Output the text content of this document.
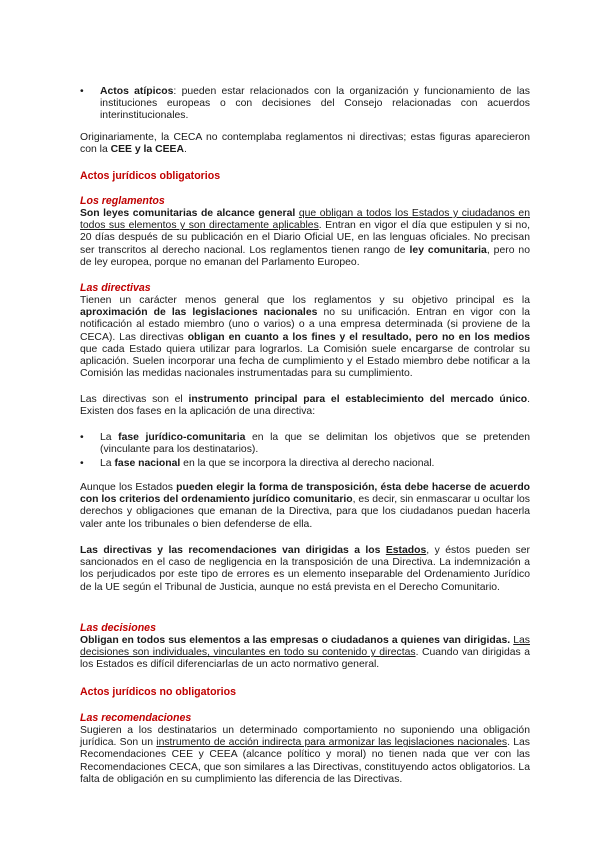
•	Actos atípicos: pueden estar relacionados con la organización y funcionamiento de las instituciones europeas o con decisiones del Consejo relacionadas con acuerdos interinstitucionales.

Originariamente, la CECA no contemplaba reglamentos ni directivas; estas figuras aparecieron con la CEE y la CEEA.

Actos jurídicos obligatorios
Los reglamentos

Son leyes comunitarias de alcance general que obligan a todos los Estados y ciudadanos en todos sus elementos y son directamente aplicables. Entran en vigor el día que estipulen y si no, 20 días después de su publicación en el Diario Oficial UE, en las lenguas oficiales. No precisan ser transcritos al derecho nacional. Los reglamentos tienen rango de ley comunitaria, pero no de ley europea, porque no emanan del Parlamento Europeo.

Las directivas

Tienen un carácter menos general que los reglamentos y su objetivo principal es la aproximación de las legislaciones nacionales no su unificación. Entran en vigor con la notificación al estado miembro (uno o varios) o a una empresa determinada (si proviene de la CECA). Las directivas obligan en cuanto a los fines y el resultado, pero no en los medios que cada Estado quiera utilizar para lograrlos. La Comisión suele encargarse de controlar su aplicación. Suelen incorporar una fecha de cumplimiento y el Estado miembro debe notificar a la Comisión las medidas nacionales instrumentadas para su cumplimiento.

Las directivas son el instrumento principal para el establecimiento del mercado único. Existen dos fases en la aplicación de una directiva:

•	La fase jurídico-comunitaria en la que se delimitan los objetivos que se pretenden (vinculante para los destinatarios).
•	La fase nacional en la que se incorpora la directiva al derecho nacional.

Aunque los Estados pueden elegir la forma de transposición, ésta debe hacerse de acuerdo con los criterios del ordenamiento jurídico comunitario, es decir, sin enmascarar u ocultar los derechos y obligaciones que emanan de la Directiva, para que los ciudadanos puedan hacerla valer ante los tribunales o bien defenderse de ella.

Las directivas y las recomendaciones van dirigidas a los Estados, y éstos pueden ser sancionados en el caso de negligencia en la transposición de una Directiva. La indemnización a los perjudicados por este tipo de errores es un elemento inseparable del Ordenamiento Jurídico de la UE según el Tribunal de Justicia, aunque no está prevista en el Derecho Comunitario.

Las decisiones

Obligan en todos sus elementos a las empresas o ciudadanos a quienes van dirigidas. Las decisiones son individuales, vinculantes en todo su contenido y directas. Cuando van dirigidas a los Estados es difícil diferenciarlas de un acto normativo general.

Actos jurídicos no obligatorios
Las recomendaciones

Sugieren a los destinatarios un determinado comportamiento no suponiendo una obligación jurídica. Son un instrumento de acción indirecta para armonizar las legislaciones nacionales. Las Recomendaciones CEE y CEEA (alcance político y moral) no tienen nada que ver con las Recomendaciones CECA, que son similares a las Directivas, constituyendo actos obligatorios. La falta de obligación en su cumplimiento las diferencia de las Directivas.
